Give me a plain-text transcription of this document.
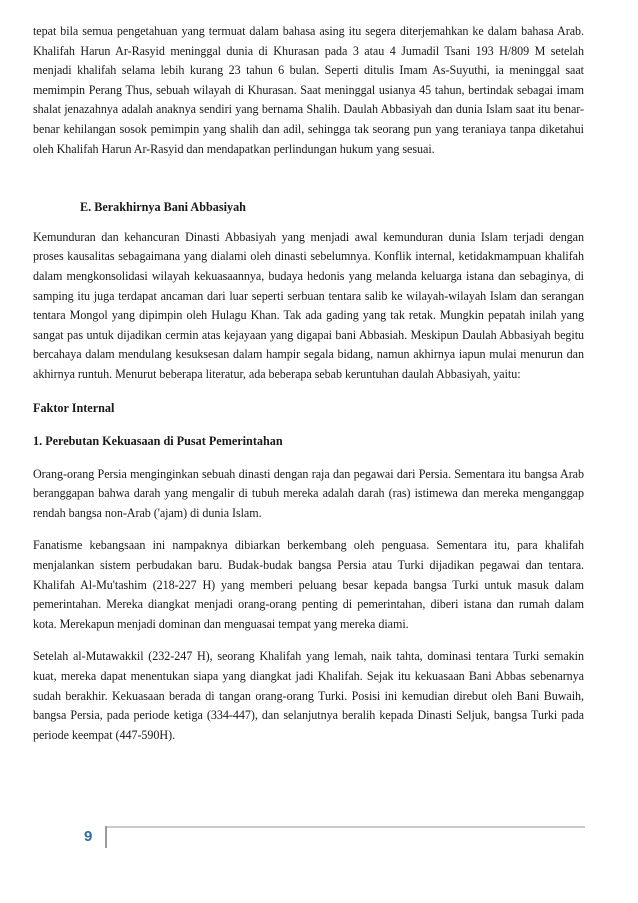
tepat bila semua pengetahuan yang termuat dalam bahasa asing itu segera diterjemahkan ke dalam bahasa Arab. Khalifah Harun Ar-Rasyid meninggal dunia di Khurasan pada 3 atau 4 Jumadil Tsani 193 H/809 M setelah menjadi khalifah selama lebih kurang 23 tahun 6 bulan. Seperti ditulis Imam As-Suyuthi, ia meninggal saat memimpin Perang Thus, sebuah wilayah di Khurasan. Saat meninggal usianya 45 tahun, bertindak sebagai imam shalat jenazahnya adalah anaknya sendiri yang bernama Shalih. Daulah Abbasiyah dan dunia Islam saat itu benar- benar kehilangan sosok pemimpin yang shalih dan adil, sehingga tak seorang pun yang teraniaya tanpa diketahui oleh Khalifah Harun Ar-Rasyid dan mendapatkan perlindungan hukum yang sesuai.

E. Berakhirnya Bani Abbasiyah

Kemunduran dan kehancuran Dinasti Abbasiyah yang menjadi awal kemunduran dunia Islam terjadi dengan proses kausalitas sebagaimana yang dialami oleh dinasti sebelumnya. Konflik internal, ketidakmampuan khalifah dalam mengkonsolidasi wilayah kekuasaannya, budaya hedonis yang melanda keluarga istana dan sebaginya, di samping itu juga terdapat ancaman dari luar seperti serbuan tentara salib ke wilayah-wilayah Islam dan serangan tentara Mongol yang dipimpin oleh Hulagu Khan. Tak ada gading yang tak retak. Mungkin pepatah inilah yang sangat pas untuk dijadikan cermin atas kejayaan yang digapai bani Abbasiah. Meskipun Daulah Abbasiyah begitu bercahaya dalam mendulang kesuksesan dalam hampir segala bidang, namun akhirnya iapun mulai menurun dan akhirnya runtuh. Menurut beberapa literatur, ada beberapa sebab keruntuhan daulah Abbasiyah, yaitu:

Faktor Internal
1. Perebutan Kekuasaan di Pusat Pemerintahan

Orang-orang Persia menginginkan sebuah dinasti dengan raja dan pegawai dari Persia. Sementara itu bangsa Arab beranggapan bahwa darah yang mengalir di tubuh mereka adalah darah (ras) istimewa dan mereka menganggap rendah bangsa non-Arab ('ajam) di dunia Islam.

Fanatisme kebangsaan ini nampaknya dibiarkan berkembang oleh penguasa. Sementara itu, para khalifah menjalankan sistem perbudakan baru. Budak-budak bangsa Persia atau Turki dijadikan pegawai dan tentara. Khalifah Al-Mu'tashim (218-227 H) yang memberi peluang besar kepada bangsa Turki untuk masuk dalam pemerintahan. Mereka diangkat menjadi orang-orang penting di pemerintahan, diberi istana dan rumah dalam kota. Merekapun menjadi dominan dan menguasai tempat yang mereka diami.

Setelah al-Mutawakkil (232-247 H), seorang Khalifah yang lemah, naik tahta, dominasi tentara Turki semakin kuat, mereka dapat menentukan siapa yang diangkat jadi Khalifah. Sejak itu kekuasaan Bani Abbas sebenarnya sudah berakhir. Kekuasaan berada di tangan orang-orang Turki. Posisi ini kemudian direbut oleh Bani Buwaih, bangsa Persia, pada periode ketiga (334-447), dan selanjutnya beralih kepada Dinasti Seljuk, bangsa Turki pada periode keempat (447-590H).

9
